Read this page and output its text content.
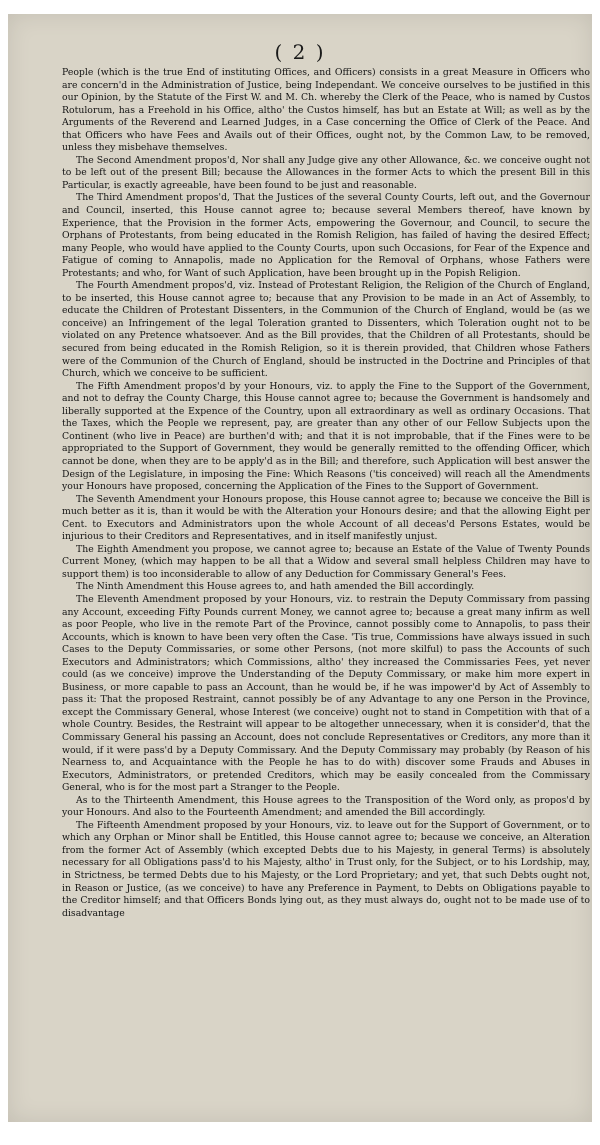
( 2 )

People (which is the true End of instituting Offices, and Officers) consists in a great Measure in Officers who are concern'd in the Administration of Justice, being Independant. We conceive ourselves to be justified in this our Opinion, by the Statute of the First W. and M. Ch. whereby the Clerk of the Peace, who is named by Custos Rotulorum, has a Freehold in his Office, altho' the Custos himself, has but an Estate at Will; as well as by the Arguments of the Reverend and Learned Judges, in a Case concerning the Office of Clerk of the Peace. And that Officers who have Fees and Avails out of their Offices, ought not, by the Common Law, to be removed, unless they misbehave themselves.

The Second Amendment propos'd, Nor shall any Judge give any other Allowance, &c. we conceive ought not to be left out of the present Bill; because the Allowances in the former Acts to which the present Bill in this Particular, is exactly agreeable, have been found to be just and reasonable.

The Third Amendment propos'd, That the Justices of the several County Courts, left out, and the Governour and Council, inserted, this House cannot agree to; because several Members thereof, have known by Experience, that the Provision in the former Acts, empowering the Governour, and Council, to secure the Orphans of Protestants, from being educated in the Romish Religion, has failed of having the desired Effect; many People, who would have applied to the County Courts, upon such Occasions, for Fear of the Expence and Fatigue of coming to Annapolis, made no Application for the Removal of Orphans, whose Fathers were Protestants; and who, for Want of such Application, have been brought up in the Popish Religion.

The Fourth Amendment propos'd, viz. Instead of Protestant Religion, the Religion of the Church of England, to be inserted, this House cannot agree to; because that any Provision to be made in an Act of Assembly, to educate the Children of Protestant Dissenters, in the Communion of the Church of England, would be (as we conceive) an Infringement of the legal Toleration granted to Dissenters, which Toleration ought not to be violated on any Pretence whatsoever. And as the Bill provides, that the Children of all Protestants, should be secured from being educated in the Romish Religion, so it is therein provided, that Children whose Fathers were of the Communion of the Church of England, should be instructed in the Doctrine and Principles of that Church, which we conceive to be sufficient.

The Fifth Amendment propos'd by your Honours, viz. to apply the Fine to the Support of the Government, and not to defray the County Charge, this House cannot agree to; because the Government is handsomely and liberally supported at the Expence of the Country, upon all extraordinary as well as ordinary Occasions. That the Taxes, which the People we represent, pay, are greater than any other of our Fellow Subjects upon the Continent (who live in Peace) are burthen'd with; and that it is not improbable, that if the Fines were to be appropriated to the Support of Government, they would be generally remitted to the offending Officer, which cannot be done, when they are to be apply'd as in the Bill; and therefore, such Application will best answer the Design of the Legislature, in imposing the Fine: Which Reasons ('tis conceived) will reach all the Amendments your Honours have proposed, concerning the Application of the Fines to the Support of Government.

The Seventh Amendment your Honours propose, this House cannot agree to; because we conceive the Bill is much better as it is, than it would be with the Alteration your Honours desire; and that the allowing Eight per Cent. to Executors and Administrators upon the whole Account of all deceas'd Persons Estates, would be injurious to their Creditors and Representatives, and in itself manifestly unjust.

The Eighth Amendment you propose, we cannot agree to; because an Estate of the Value of Twenty Pounds Current Money, (which may happen to be all that a Widow and several small helpless Children may have to support them) is too inconsiderable to allow of any Deduction for Commissary General's Fees.

The Ninth Amendment this House agrees to, and hath amended the Bill accordingly.

The Eleventh Amendment proposed by your Honours, viz. to restrain the Deputy Commissary from passing any Account, exceeding Fifty Pounds current Money, we cannot agree to; because a great many infirm as well as poor People, who live in the remote Part of the Province, cannot possibly come to Annapolis, to pass their Accounts, which is known to have been very often the Case. 'Tis true, Commissions have always issued in such Cases to the Deputy Commissaries, or some other Persons, (not more skilful) to pass the Accounts of such Executors and Administrators; which Commissions, altho' they increased the Commissaries Fees, yet never could (as we conceive) improve the Understanding of the Deputy Commissary, or make him more expert in Business, or more capable to pass an Account, than he would be, if he was impower'd by Act of Assembly to pass it: That the proposed Restraint, cannot possibly be of any Advantage to any one Person in the Province, except the Commissary General, whose Interest (we conceive) ought not to stand in Competition with that of a whole Country. Besides, the Restraint will appear to be altogether unnecessary, when it is consider'd, that the Commissary General his passing an Account, does not conclude Representatives or Creditors, any more than it would, if it were pass'd by a Deputy Commissary. And the Deputy Commissary may probably (by Reason of his Nearness to, and Acquaintance with the People he has to do with) discover some Frauds and Abuses in Executors, Administrators, or pretended Creditors, which may be easily concealed from the Commissary General, who is for the most part a Stranger to the People.

As to the Thirteenth Amendment, this House agrees to the Transposition of the Word only, as propos'd by your Honours. And also to the Fourteenth Amendment; and amended the Bill accordingly.

The Fifteenth Amendment proposed by your Honours, viz. to leave out for the Support of Government, or to which any Orphan or Minor shall be Entitled, this House cannot agree to; because we conceive, an Alteration from the former Act of Assembly (which excepted Debts due to his Majesty, in general Terms) is absolutely necessary for all Obligations pass'd to his Majesty, altho' in Trust only, for the Subject, or to his Lordship, may, in Strictness, be termed Debts due to his Majesty, or the Lord Proprietary; and yet, that such Debts ought not, in Reason or Justice, (as we conceive) to have any Preference in Payment, to Debts on Obligations payable to the Creditor himself; and that Officers Bonds lying out, as they must always do, ought not to be made use of to disadvantage
